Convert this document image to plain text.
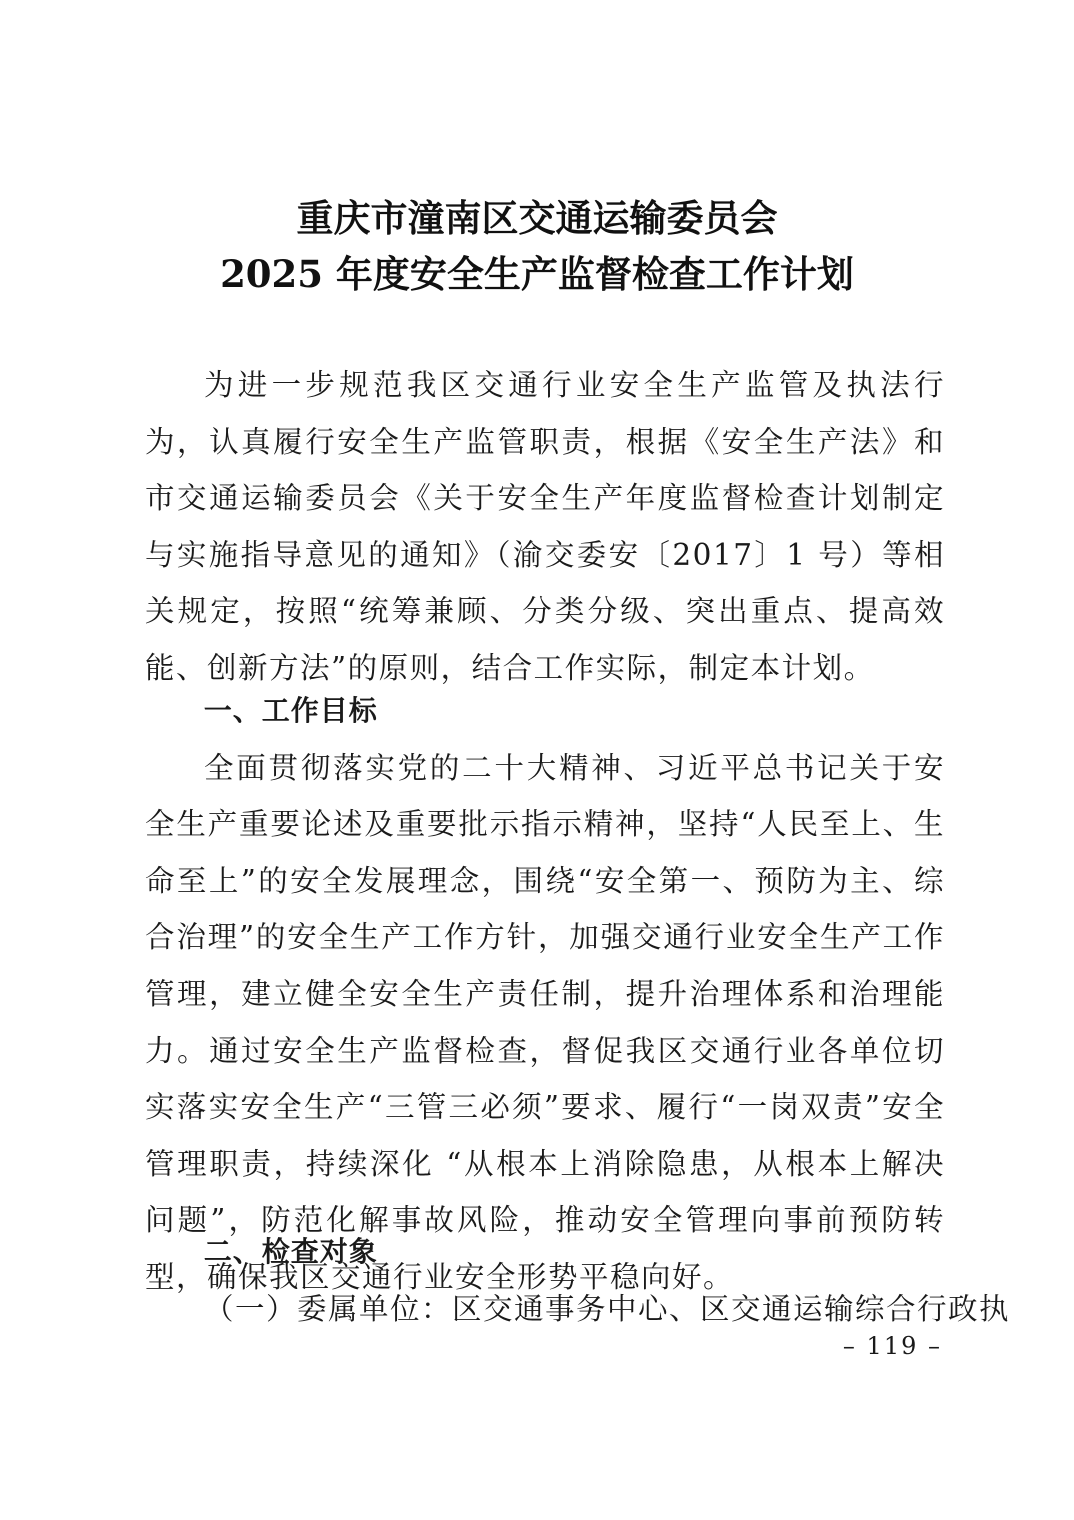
重庆市潼南区交通运输委员会
2025 年度安全生产监督检查工作计划

为进一步规范我区交通行业安全生产监管及执法行为，认真履行安全生产监管职责，根据《安全生产法》和市交通运输委员会《关于安全生产年度监督检查计划制定与实施指导意见的通知》（渝交委安〔2017〕1 号）等相关规定，按照“统筹兼顾、分类分级、突出重点、提高效能、创新方法”的原则，结合工作实际，制定本计划。

一、工作目标

全面贯彻落实党的二十大精神、习近平总书记关于安全生产重要论述及重要批示指示精神，坚持“人民至上、生命至上”的安全发展理念，围绕“安全第一、预防为主、综合治理”的安全生产工作方针，加强交通行业安全生产工作管理，建立健全安全生产责任制，提升治理体系和治理能力。通过安全生产监督检查，督促我区交通行业各单位切实落实安全生产“三管三必须”要求、履行“一岗双责”安全管理职责，持续深化 “从根本上消除隐患，从根本上解决问题”，防范化解事故风险，推动安全管理向事前预防转型，确保我区交通行业安全形势平稳向好。

二、检查对象

（一）委属单位：区交通事务中心、区交通运输综合行政执

– 119 –
